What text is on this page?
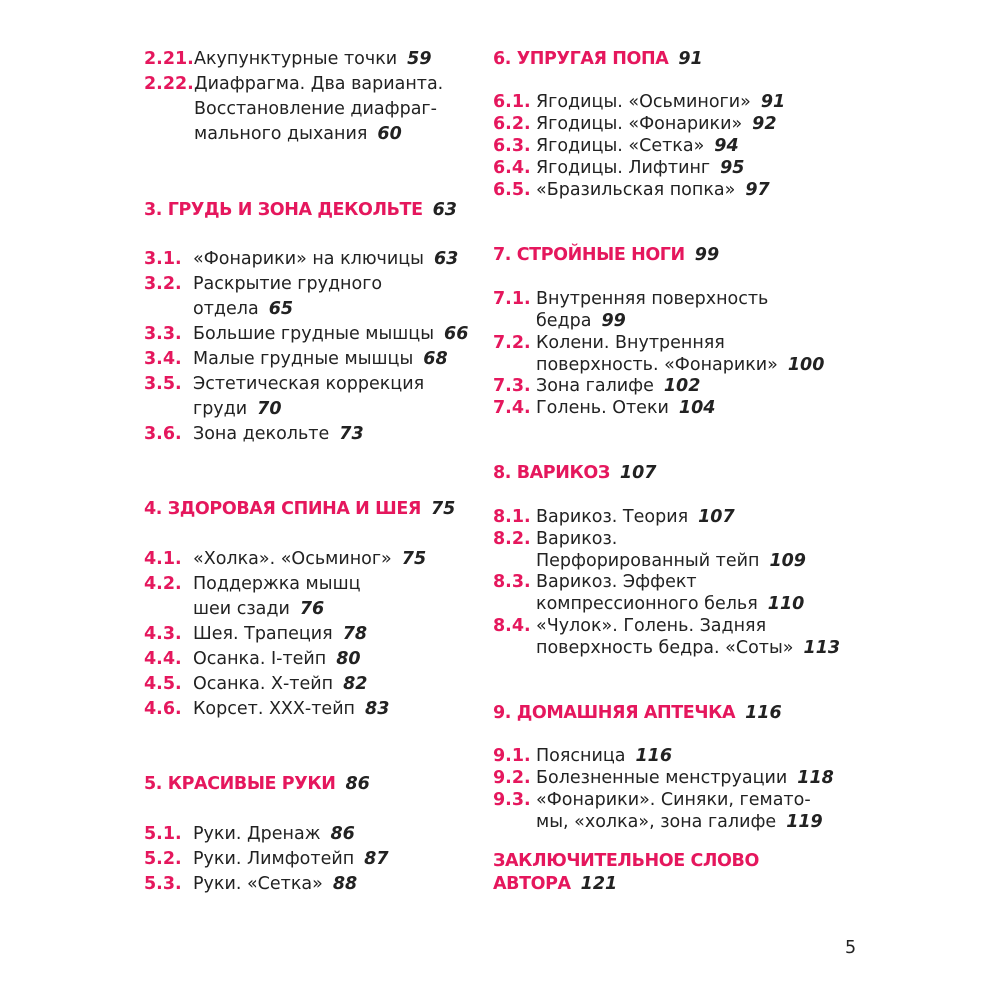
2.21. Акупунктурные точки 59
2.22. Диафрагма. Два варианта.
Восстановление диафраг-
мального дыхания 60
3. ГРУДЬ И ЗОНА ДЕКОЛЬТЕ 63
3.1. «Фонарики» на ключицы 63
3.2. Раскрытие грудного
отдела 65
3.3. Большие грудные мышцы 66
3.4. Малые грудные мышцы 68
3.5. Эстетическая коррекция
груди 70
3.6. Зона декольте 73
4. ЗДОРОВАЯ СПИНА И ШЕЯ 75
4.1. «Холка». «Осьминог» 75
4.2. Поддержка мышц
шеи сзади 76
4.3. Шея. Трапеция 78
4.4. Осанка. I-тейп 80
4.5. Осанка. Х-тейп 82
4.6. Корсет. ХХХ-тейп 83
5. КРАСИВЫЕ РУКИ 86
5.1. Руки. Дренаж 86
5.2. Руки. Лимфотейп 87
5.3. Руки. «Сетка» 88
6. УПРУГАЯ ПОПА 91
6.1. Ягодицы. «Осьминоги» 91
6.2. Ягодицы. «Фонарики» 92
6.3. Ягодицы. «Сетка» 94
6.4. Ягодицы. Лифтинг 95
6.5. «Бразильская попка» 97
7. СТРОЙНЫЕ НОГИ 99
7.1. Внутренняя поверхность
бедра 99
7.2. Колени. Внутренняя
поверхность. «Фонарики» 100
7.3. Зона галифе 102
7.4. Голень. Отеки 104
8. ВАРИКОЗ 107
8.1. Варикоз. Теория 107
8.2. Варикоз.
Перфорированный тейп 109
8.3. Варикоз. Эффект
компрессионного белья 110
8.4. «Чулок». Голень. Задняя
поверхность бедра. «Соты» 113
9. ДОМАШНЯЯ АПТЕЧКА 116
9.1. Поясница 116
9.2. Болезненные менструации 118
9.3. «Фонарики». Синяки, гемато-
мы, «холка», зона галифе 119
ЗАКЛЮЧИТЕЛЬНОЕ СЛОВО
АВТОРА 121
5
